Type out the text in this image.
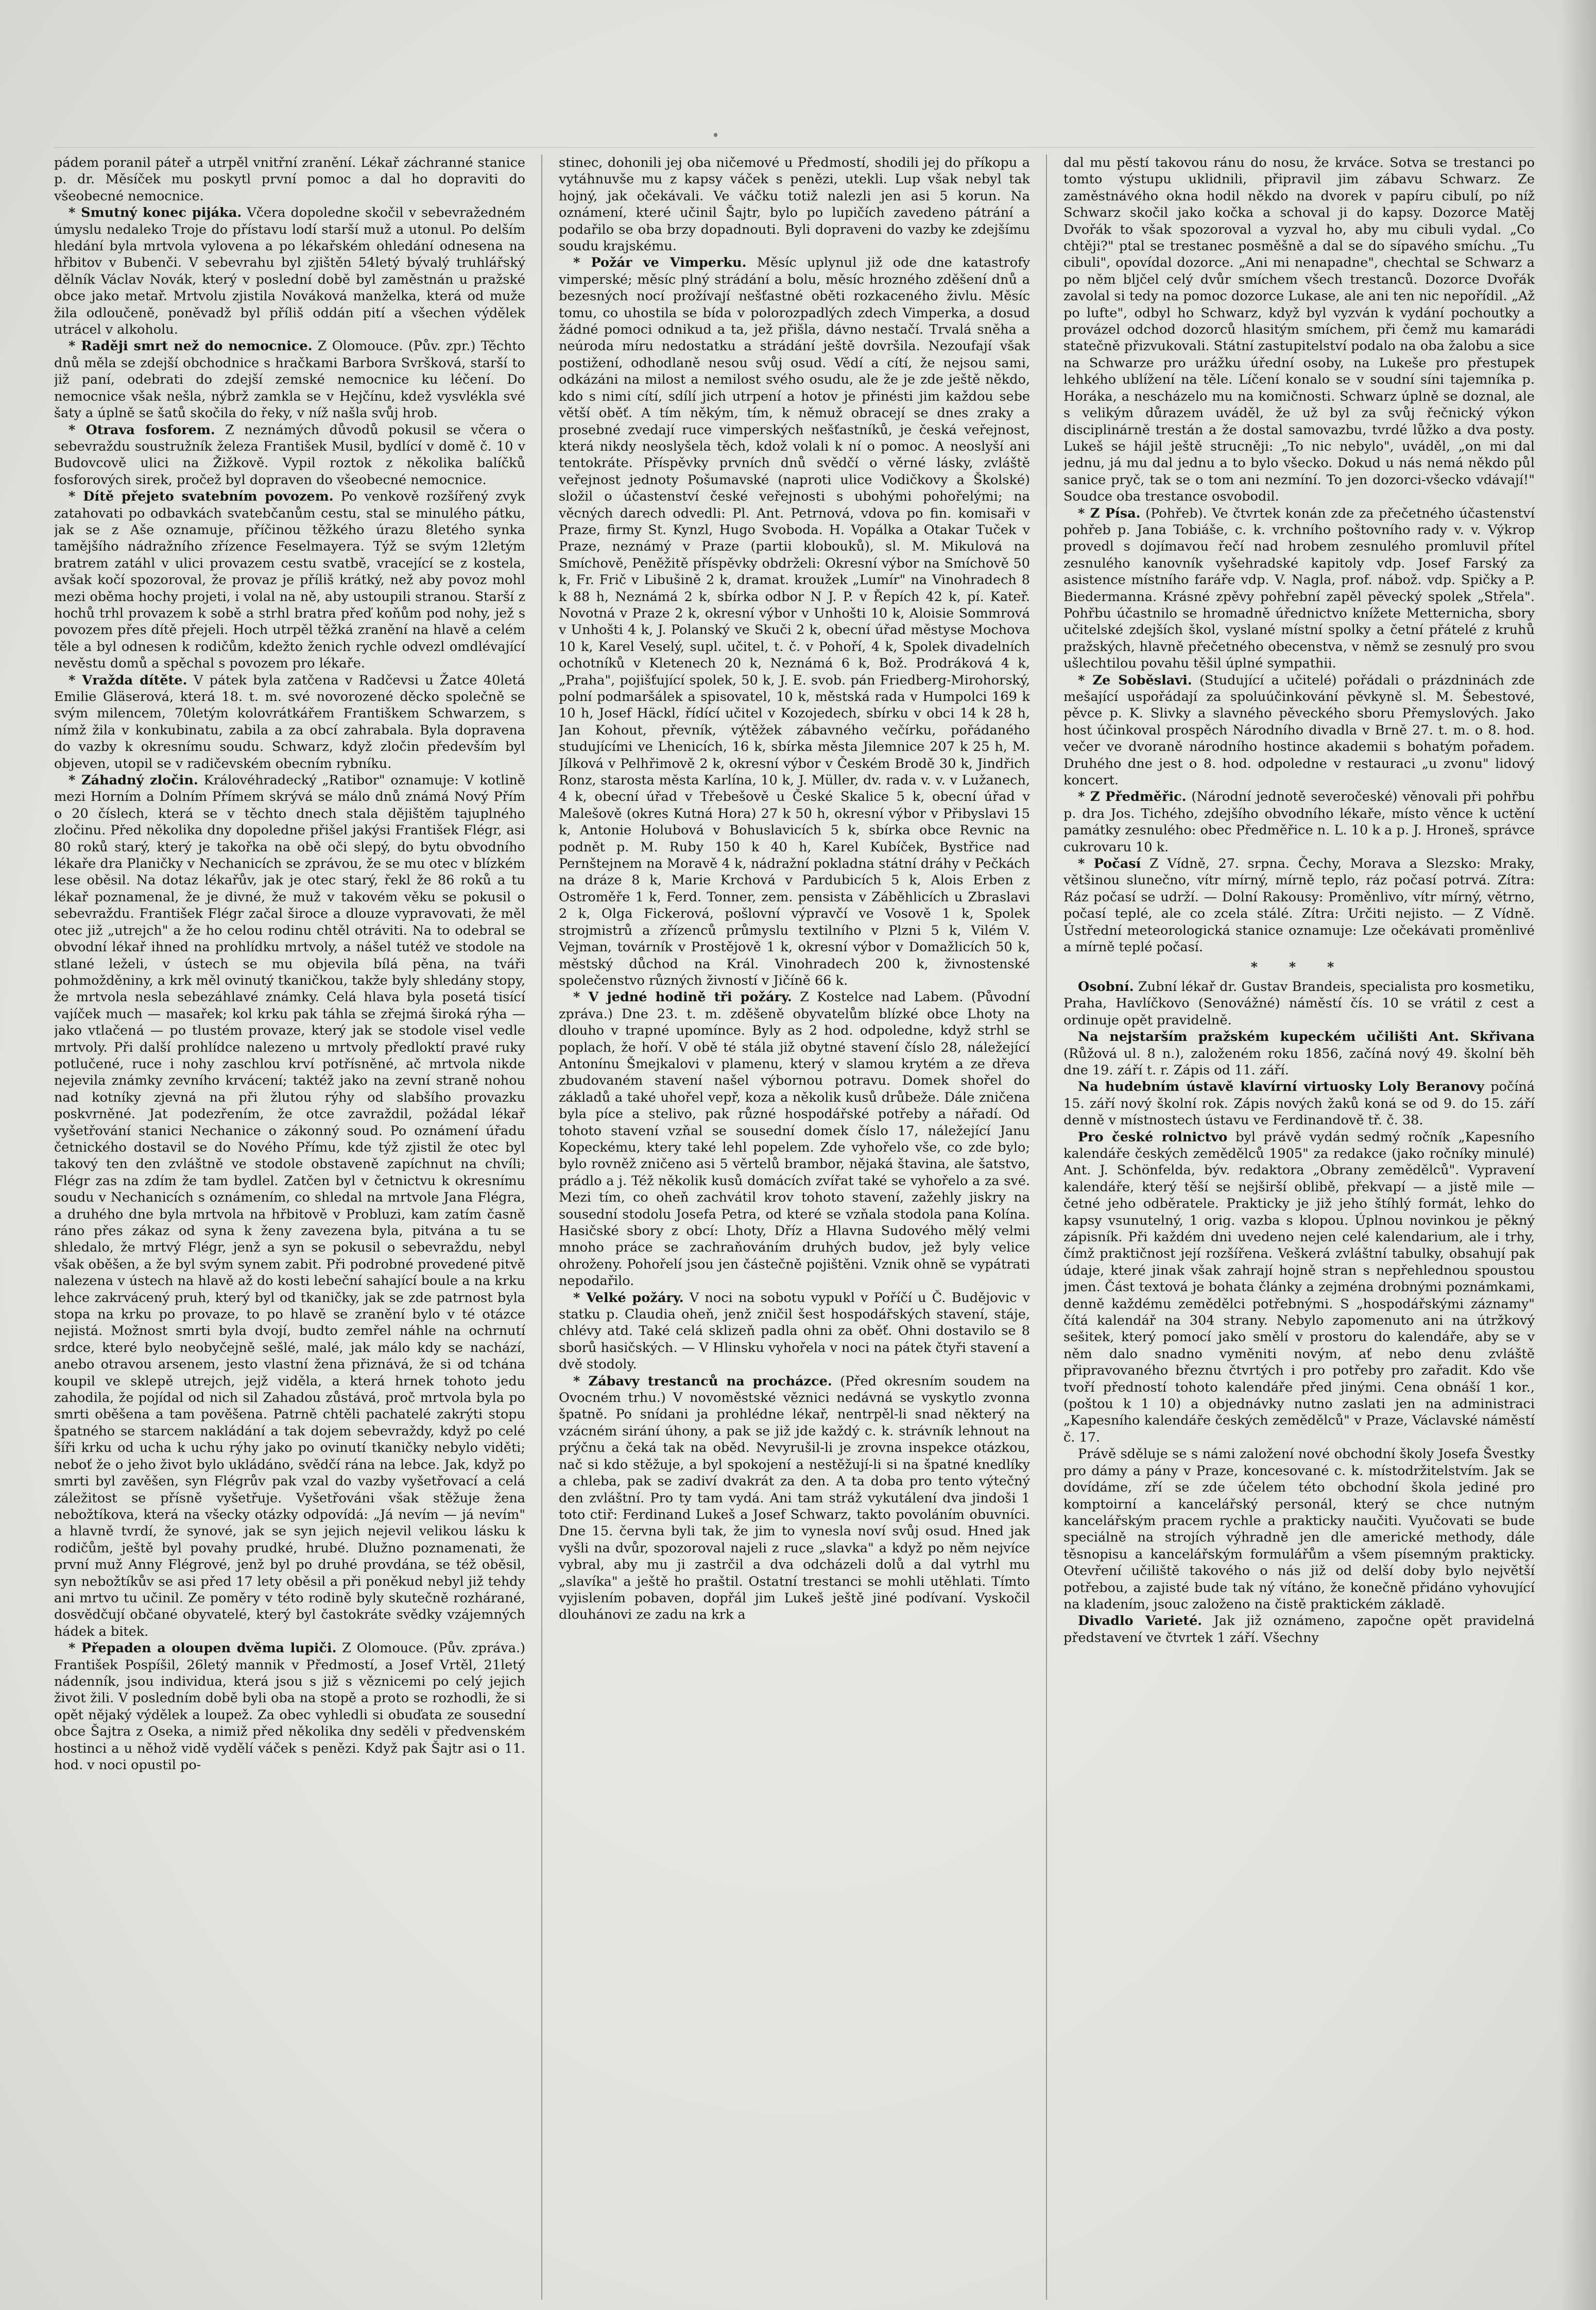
pádem poranil páteř a utrpěl vnitřní zranění. Lékař záchranné stanice p. dr. Měsíček mu poskytl první pomoc a dal ho dopraviti do všeobecné nemocnice.

* Smutný konec pijáka. Včera dopoledne skočil v sebevražedném úmyslu nedaleko Troje do přístavu lodí starší muž a utonul. Po delším hledání byla mrtvola vylovena a po lékařském ohledání odnesena na hřbitov v Bubenči. V sebevrahu byl zjištěn 54letý bývalý truhlářský dělník Václav Novák, který v poslední době byl zaměstnán u pražské obce jako metař. Mrtvolu zjistila Nováková manželka, která od muže žila odloučeně, poněvadž byl příliš oddán pití a všechen výdělek utrácel v alkoholu.

* Raději smrt než do nemocnice. Z Olomouce. (Pův. zpr.) Těchto dnů měla se zdejší obchodnice s hračkami Barbora Svršková, starší to již paní, odebrati do zdejší zemské nemocnice ku léčení. Do nemocnice však nešla, nýbrž zamkla se v Hejčínu, kdež vysvlékla své šaty a úplně se šatů skočila do řeky, v níž našla svůj hrob.

* Otrava fosforem. Z neznámých důvodů pokusil se včera o sebevraždu soustružník železa František Musil, bydlící v domě č. 10 v Budovcově ulici na Žižkově. Vypil roztok z několika balíčků fosforových sirek, pročež byl dopraven do všeobecné nemocnice.

* Dítě přejeto svatebním povozem. Po venkově rozšířený zvyk zatahovati po odbavkách svatebčanům cestu, stal se minulého pátku, jak se z Aše oznamuje, příčinou těžkého úrazu 8letého synka tamějšího nádražního zřízence Feselmayera. Týž se svým 12letým bratrem zatáhl v ulici provazem cestu svatbě, vracející se z kostela, avšak kočí spozoroval, že provaz je příliš krátký, než aby povoz mohl mezi oběma hochy projeti, i volal na ně, aby ustoupili stranou. Starší z hochů trhl provazem k sobě a strhl bratra přeď koňům pod nohy, jež s povozem přes dítě přejeli. Hoch utrpěl těžká zranění na hlavě a celém těle a byl odnesen k rodičům, kdežto ženich rychle odvezl omdlévající nevěstu domů a spěchal s povozem pro lékaře.

* Vražda dítěte. V pátek byla zatčena v Radčevsi u Žatce 40letá Emilie Gläserová, která 18. t. m. své novorozené děcko společně se svým milencem, 70letým kolovrátkářem Františkem Schwarzem, s nímž žila v konkubinatu, zabila a za obcí zahrabala. Byla dopravena do vazby k okresnímu soudu. Schwarz, když zločin především byl objeven, utopil se v radičevském obecním rybníku.

* Záhadný zločin. Královéhradecký „Ratibor" oznamuje: V kotlině mezi Horním a Dolním Přímem skrývá se málo dnů známá Nový Přím o 20 číslech, která se v těchto dnech stala dějištěm tajuplného zločinu. Před několika dny dopoledne přišel jakýsi František Flégr, asi 80 roků starý, který je takořka na obě oči slepý, do bytu obvodního lékaře dra Planičky v Nechanicích se zprávou, že se mu otec v blízkém lese oběsil. Na dotaz lékařův, jak je otec starý, řekl že 86 roků a tu lékař poznamenal, že je divné, že muž v takovém věku se pokusil o sebevraždu. František Flégr začal široce a dlouze vypravovati, že měl otec již „utrejch" a že ho celou rodinu chtěl otráviti. Na to odebral se obvodní lékař ihned na prohlídku mrtvoly, a nášel tutéž ve stodole na stlané leželi, v ústech se mu objevila bílá pěna, na tváři pohmožděniny, a krk měl ovinutý tkaničkou, takže byly shledány stopy, že mrtvola nesla sebezáhlavé známky. Celá hlava byla posetá tisící vajíček much — masařek; kol krku pak táhla se zřejmá široká rýha — jako vtlačená — po tlustém provaze, který jak se stodole visel vedle mrtvoly. Při další prohlídce nalezeno u mrtvoly předloktí pravé ruky potlučené, ruce i nohy zaschlou krví potřísněné, ač mrtvola nikde nejevila známky zevního krvácení; taktéž jako na zevní straně nohou nad kotníky zjevná na při žlutou rýhy od slabšího provazku poskvrněné. Jat podezřením, že otce zavraždil, požádal lékař vyšetřování stanici Nechanice o zákonný soud. Po oznámení úřadu četnického dostavil se do Nového Přímu, kde týž zjistil že otec byl takový ten den zvláštně ve stodole obstaveně zapíchnut na chvíli; Flégr zas na zdím že tam bydlel. Zatčen byl v četnictvu k okresnímu soudu v Nechanicích s oznámením, co shledal na mrtvole Jana Flégra, a druhého dne byla mrtvola na hřbitově v Probluzi, kam zatím časně ráno přes zákaz od syna k ženy zavezena byla, pitvána a tu se shledalo, že mrtvý Flégr, jenž a syn se pokusil o sebevraždu, nebyl však oběšen, a že byl svým synem zabit. Při podrobné provedené pitvě nalezena v ústech na hlavě až do kosti lebeční sahající boule a na krku lehce zakrvácený pruh, který byl od tkaničky, jak se zde patrnost byla stopa na krku po provaze, to po hlavě se zranění bylo v té otázce nejistá. Možnost smrti byla dvojí, budto zemřel náhle na ochrnutí srdce, které bylo neobyčejně sešlé, malé, jak málo kdy se nachází, anebo otravou arsenem, jesto vlastní žena přiznává, že si od tchána koupil ve sklepě utrejch, jejž viděla, a která hrnek tohoto jedu zahodila, že pojídal od nich sil Zahadou zůstává, proč mrtvola byla po smrti oběšena a tam pověšena. Patrně chtěli pachatelé zakrýti stopu špatného se starcem nakládání a tak dojem sebevraždy, když po celé šíři krku od ucha k uchu rýhy jako po ovinutí tkaničky nebylo viděti; neboť že o jeho život bylo ukládáno, svědčí rána na lebce. Jak, když po smrti byl zavěšen, syn Flégrův pak vzal do vazby vyšetřovací a celá záležitost se přísně vyšetřuje. Vyšetřováni však stěžuje žena nebožtíkova, která na všecky otázky odpovídá: „Já nevím — já nevím" a hlavně tvrdí, že synové, jak se syn jejich nejevil velikou lásku k rodičům, ještě byl povahy prudké, hrubé. Dlužno poznamenati, že první muž Anny Flégrové, jenž byl po druhé provdána, se též oběsil, syn nebožtíkův se asi před 17 lety oběsil a při poněkud nebyl již tehdy ani mrtvo tu učinil. Ze poměry v této rodině byly skutečně rozhárané, dosvědčují občané obyvatelé, který byl častokráte svědky vzájemných hádek a bitek.

* Přepaden a oloupen dvěma lupiči. Z Olomouce. (Pův. zpráva.) František Pospíšil, 26letý mannik v Předmostí, a Josef Vrtěl, 21letý nádenník, jsou individua, která jsou s již s věznicemi po celý jejich život žili. V posledním době byli oba na stopě a proto se rozhodli, že si opět nějaký výdělek a loupež. Za obec vyhledli si obuďata ze sousední obce Šajtra z Oseka, a nimiž před několika dny seděli v předvenském hostinci a u něhož vidě vydělí váček s penězi. Když pak Šajtr asi o 11. hod. v noci opustil po-

stinec, dohonili jej oba ničemové u Předmostí, shodili jej do příkopu a vytáhnuvše mu z kapsy váček s penězi, utekli. Lup však nebyl tak hojný, jak očekávali. Ve váčku totiž nalezli jen asi 5 korun. Na oznámení, které učinil Šajtr, bylo po lupičích zavedeno pátrání a podařilo se oba brzy dopadnouti. Byli dopraveni do vazby ke zdejšímu soudu krajskému.

* Požár ve Vimperku. Měsíc uplynul již ode dne katastrofy vimperské; měsíc plný strádání a bolu, měsíc hrozného zděšení dnů a bezesných nocí prožívají nešťastné oběti rozkaceného živlu. Měsíc tomu, co uhostila se bída v polorozpadlých zdech Vimperka, a dosud žádné pomoci odnikud a ta, jež přišla, dávno nestačí. Trvalá sněha a neúroda míru nedostatku a strádání ještě dovršila. Nezoufají však postižení, odhodlaně nesou svůj osud. Vědí a cítí, že nejsou sami, odkázáni na milost a nemilost svého osudu, ale že je zde ještě někdo, kdo s nimi cítí, sdílí jich utrpení a hotov je přinésti jim každou sebe větší oběť. A tím někým, tím, k němuž obracejí se dnes zraky a prosebné zvedají ruce vimperských nešťastníků, je česká veřejnost, která nikdy neoslyšela těch, kdož volali k ní o pomoc. A neoslyší ani tentokráte. Příspěvky prvních dnů svědčí o věrné lásky, zvláště veřejnost jednoty Pošumavské (naproti ulice Vodičkovy a Školské) složil o účastenství české veřejnosti s ubohými pohořelými; na věcných darech odvedli: Pl. Ant. Petrnová, vdova po fin. komisaři v Praze, firmy St. Kynzl, Hugo Svoboda. H. Vopálka a Otakar Tuček v Praze, neznámý v Praze (partii klobouků), sl. M. Mikulová na Smíchově, Peněžitě příspěvky obdrželi: Okresní výbor na Smíchově 50 k, Fr. Frič v Libušině 2 k, dramat. kroužek „Lumír" na Vinohradech 8 k 88 h, Neznámá 2 k, sbírka odbor N J. P. v Řepích 42 k, pí. Kateř. Novotná v Praze 2 k, okresní výbor v Unhošti 10 k, Aloisie Sommrová v Unhošti 4 k, J. Polanský ve Skuči 2 k, obecní úřad městyse Mochova 10 k, Karel Veselý, supl. učitel, t. č. v Pohoří, 4 k, Spolek divadelních ochotníků v Kletenech 20 k, Neznámá 6 k, Bož. Prodráková 4 k, „Praha", pojišťující spolek, 50 k, J. E. svob. pán Friedberg-Mirohorský, polní podmaršálek a spisovatel, 10 k, městská rada v Humpolci 169 k 10 h, Josef Häckl, řídící učitel v Kozojedech, sbírku v obci 14 k 28 h, Jan Kohout, převník, výtěžek zábavného večírku, pořádaného studujícími ve Lhenicích, 16 k, sbírka města Jilemnice 207 k 25 h, M. Jílková v Pelhřimově 2 k, okresní výbor v Českém Brodě 30 k, Jindřich Ronz, starosta města Karlína, 10 k, J. Müller, dv. rada v. v. v Lužanech, 4 k, obecní úřad v Třebešově u České Skalice 5 k, obecní úřad v Malešově (okres Kutná Hora) 27 k 50 h, okresní výbor v Přibyslavi 15 k, Antonie Holubová v Bohuslavicích 5 k, sbírka obce Revnic na podnět p. M. Ruby 150 k 40 h, Karel Kubíček, Bystřice nad Pernštejnem na Moravě 4 k, nádražní pokladna státní dráhy v Pečkách na dráze 8 k, Marie Krchová v Pardubicích 5 k, Alois Erben z Ostroměře 1 k, Ferd. Tonner, zem. pensista v Záběhlicích u Zbraslavi 2 k, Olga Fickerová, pošlovní výpravčí ve Vosově 1 k, Spolek strojmistrů a zřízenců průmyslu textilního v Plzni 5 k, Vilém V. Vejman, továrník v Prostějově 1 k, okresní výbor v Domažlicích 50 k, městský důchod na Král. Vinohradech 200 k, živnostenské společenstvo různých živností v Jičíně 66 k.

* V jedné hodině tři požáry. Z Kostelce nad Labem. (Původní zpráva.) Dne 23. t. m. zděšeně obyvatelům blízké obce Lhoty na dlouho v trapné upomínce. Byly as 2 hod. odpoledne, když strhl se poplach, že hoří. V obě té stála již obytné stavení číslo 28, náležející Antonínu Šmejkalovi v plamenu, který v slamou krytém a ze dřeva zbudovaném stavení našel výbornou potravu. Domek shořel do základů a také uhořel vepř, koza a několik kusů drůbeže. Dále zničena byla píce a stelivo, pak různé hospodářské potřeby a nářadí. Od tohoto stavení vzňal se sousední domek číslo 17, náležející Janu Kopeckému, ktery také lehl popelem. Zde vyhořelo vše, co zde bylo; bylo rovněž zničeno asi 5 věrtelů brambor, nějaká štavina, ale šatstvo, prádlo a j. Též několik kusů domácích zvířat také se vyhořelo a za své. Mezi tím, co oheň zachvátil krov tohoto stavení, zažehly jiskry na sousední stodolu Josefa Petra, od které se vzňala stodola pana Kolína. Hasičské sbory z obcí: Lhoty, Dříz a Hlavna Sudového mělý velmi mnoho práce se zachraňováním druhých budov, jež byly velice ohroženy. Pohořelí jsou jen částečně pojištěni. Vznik ohně se vypátrati nepodařilo.

* Velké požáry. V noci na sobotu vypukl v Poříčí u Č. Budějovic v statku p. Claudia oheň, jenž zničil šest hospodářských stavení, stáje, chlévy atd. Také celá sklizeň padla ohni za oběť. Ohni dostavilo se 8 sborů hasičských. — V Hlinsku vyhořela v noci na pátek čtyři stavení a dvě stodoly.

* Zábavy trestanců na procházce. (Před okresním soudem na Ovocném trhu.) V novoměstské věznici nedávná se vyskytlo zvonna špatně. Po snídani ja prohlédne lékař, nentrpěl-li snad některý na vzácném sirání úhony, a pak se již jde každý c. k. strávník lehnout na prýčnu a čeká tak na oběd. Nevyrušil-li je zrovna inspekce otázkou, nač si kdo stěžuje, a byl spokojení a nestěžují-li si na špatné knedlíky a chleba, pak se zadiví dvakrát za den. A ta doba pro tento výtečný den zvláštní. Pro ty tam vydá. Ani tam stráž vykutálení dva jindoši 1 toto ctiř: Ferdinand Lukeš a Josef Schwarz, takto povoláním obuvníci. Dne 15. června byli tak, že jim to vynesla noví svůj osud. Hned jak vyšli na dvůr, spozoroval najeli z ruce „slavka" a když po něm nejvíce vybral, aby mu ji zastrčil a dva odcházeli dolů a dal vytrhl mu „slavíka" a ještě ho praštil. Ostatní trestanci se mohli utěhlati. Tímto vyjislením pobaven, dopřál jim Lukeš ještě jiné podívaní. Vyskočil dlouhánovi ze zadu na krk a

dal mu pěstí takovou ránu do nosu, že krváce. Sotva se trestanci po tomto výstupu uklidnili, připravil jim zábavu Schwarz. Ze zaměstnávého okna hodil někdo na dvorek v papíru cibulí, po níž Schwarz skočil jako kočka a schoval ji do kapsy. Dozorce Matěj Dvořák to však spozoroval a vyzval ho, aby mu cibuli vydal. „Co chtěji?" ptal se trestanec posměšně a dal se do sípavého smíchu. „Tu cibuli", opovídal dozorce. „Ani mi nenapadne", chechtal se Schwarz a po něm bljčel celý dvůr smíchem všech trestanců. Dozorce Dvořák zavolal si tedy na pomoc dozorce Lukase, ale ani ten nic nepořídil. „Až po lufte", odbyl ho Schwarz, když byl vyzván k vydání pochoutky a provázel odchod dozorců hlasitým smíchem, při čemž mu kamarádi statečně přizvukovali. Státní zastupitelství podalo na oba žalobu a sice na Schwarze pro urážku úřední osoby, na Lukeše pro přestupek lehkého ublížení na těle. Líčení konalo se v soudní síni tajemníka p. Horáka, a nescházelo mu na komičnosti. Schwarz úplně se doznal, ale s velikým důrazem uváděl, že už byl za svůj řečnický výkon disciplinárně trestán a že dostal samovazbu, tvrdé lůžko a dva posty. Lukeš se hájil ještě strucněji: „To nic nebylo", uváděl, „on mi dal jednu, já mu dal jednu a to bylo všecko. Dokud u nás nemá někdo půl sanice pryč, tak se o tom ani nezmíní. To jen dozorci-všecko vdávají!" Soudce oba trestance osvobodil.

* Z Písa. (Pohřeb). Ve čtvrtek konán zde za přečetného účastenství pohřeb p. Jana Tobiáše, c. k. vrchního poštovního rady v. v. Výkrop provedl s dojímavou řečí nad hrobem zesnulého promluvil přítel zesnulého kanovník vyšehradské kapitoly vdp. Josef Farský za asistence místního faráře vdp. V. Nagla, prof. nábož. vdp. Spičky a P. Biedermanna. Krásné zpěvy pohřební zapěl pěvecký spolek „Střela". Pohřbu účastnilo se hromadně úřednictvo knížete Metternicha, sbory učitelské zdejších škol, vyslané místní spolky a četní přátelé z kruhů pražských, hlavně přečetného obecenstva, v němž se zesnulý pro svou ušlechtilou povahu těšil úplné sympathii.

* Ze Soběslavi. (Studující a učitelé) pořádali o prázdninách zde mešající uspořádají za spoluúčinkování pěvkyně sl. M. Šebestové, pěvce p. K. Slivky a slavného pěveckého sboru Přemyslových. Jako host účinkoval prospěch Národního divadla v Brně 27. t. m. o 8. hod. večer ve dvoraně národního hostince akademii s bohatým pořadem. Druhého dne jest o 8. hod. odpoledne v restauraci „u zvonu" lidový koncert.

* Z Předměřic. (Národní jednotě severočeské) věnovali při pohřbu p. dra Jos. Tichého, zdejšího obvodního lékaře, místo věnce k uctění památky zesnulého: obec Předměřice n. L. 10 k a p. J. Hroneš, správce cukrovaru 10 k.

* Počasí Z Vídně, 27. srpna. Čechy, Morava a Slezsko: Mraky, většinou slunečno, vítr mírný, mírně teplo, ráz počasí potrvá. Zítra: Ráz počasí se udrží. — Dolní Rakousy: Proměnlivo, vítr mírný, větrno, počasí teplé, ale co zcela stálé. Zítra: Určiti nejisto. — Z Vídně. Ústřední meteorologická stanice oznamuje: Lze očekávati proměnlivé a mírně teplé počasí.

* * *

Osobní. Zubní lékař dr. Gustav Brandeis, specialista pro kosmetiku, Praha, Havlíčkovo (Senovážné) náměstí čís. 10 se vrátil z cest a ordinuje opět pravidelně.

Na nejstarším pražském kupeckém učilišti Ant. Skřivana (Růžová ul. 8 n.), založeném roku 1856, začíná nový 49. školní běh dne 19. září t. r. Zápis od 11. září.

Na hudebním ústavě klavírní virtuosky Loly Beranovy počíná 15. září nový školní rok. Zápis nových žaků koná se od 9. do 15. září denně v místnostech ústavu ve Ferdinandově tř. č. 38.

Pro české rolnictvo byl právě vydán sedmý ročník „Kapesního kalendáře českých zemědělců 1905" za redakce (jako ročníky minulé) Ant. J. Schönfelda, býv. redaktora „Obrany zemědělců". Vypravení kalendáře, který těší se nejširší oblibě, překvapí — a jistě mile — četné jeho odběratele. Prakticky je již jeho štíhlý formát, lehko do kapsy vsunutelný, 1 orig. vazba s klopou. Úplnou novinkou je pěkný zápisník. Při každém dni uvedeno nejen celé kalendarium, ale i trhy, čímž praktičnost její rozšířena. Veškerá zvláštní tabulky, obsahují pak údaje, které jinak však zahrají hojně stran s nepřehlednou spoustou jmen. Část textová je bohata články a zejména drobnými poznámkami, denně každému zemědělci potřebnými. S „hospodářskými záznamy" čítá kalendář na 304 strany. Nebylo zapomenuto ani na útržkový sešitek, který pomocí jako smělí v prostoru do kalendáře, aby se v něm dalo snadno vyměniti novým, ať nebo denu zvláště připravovaného březnu čtvrtých i pro potřeby pro zařadit. Kdo vše tvoří předností tohoto kalendáře před jinými. Cena obnáší 1 kor., (poštou k 1 10) a objednávky nutno zaslati jen na administraci „Kapesního kalendáře českých zemědělců" v Praze, Václavské náměstí č. 17.

Právě sděluje se s námi založení nové obchodní školy Josefa Švestky pro dámy a pány v Praze, koncesované c. k. místodržitelstvím. Jak se dovídáme, zří se zde účelem této obchodní škola jediné pro komptoirní a kancelářský personál, který se chce nutným kancelářským pracem rychle a prakticky naučiti. Vyučovati se bude speciálně na strojích výhradně jen dle americké methody, dále těsnopisu a kancelářským formulářům a všem písemným prakticky. Otevření učiliště takového o nás již od delší doby bylo největší potřebou, a zajisté bude tak ný vítáno, že konečně přidáno vyhovující na kladením, jsouc založeno na čistě praktickém základě.

Divadlo Varieté. Jak již oznámeno, započne opět pravidelná představení ve čtvrtek 1 září. Všechny
